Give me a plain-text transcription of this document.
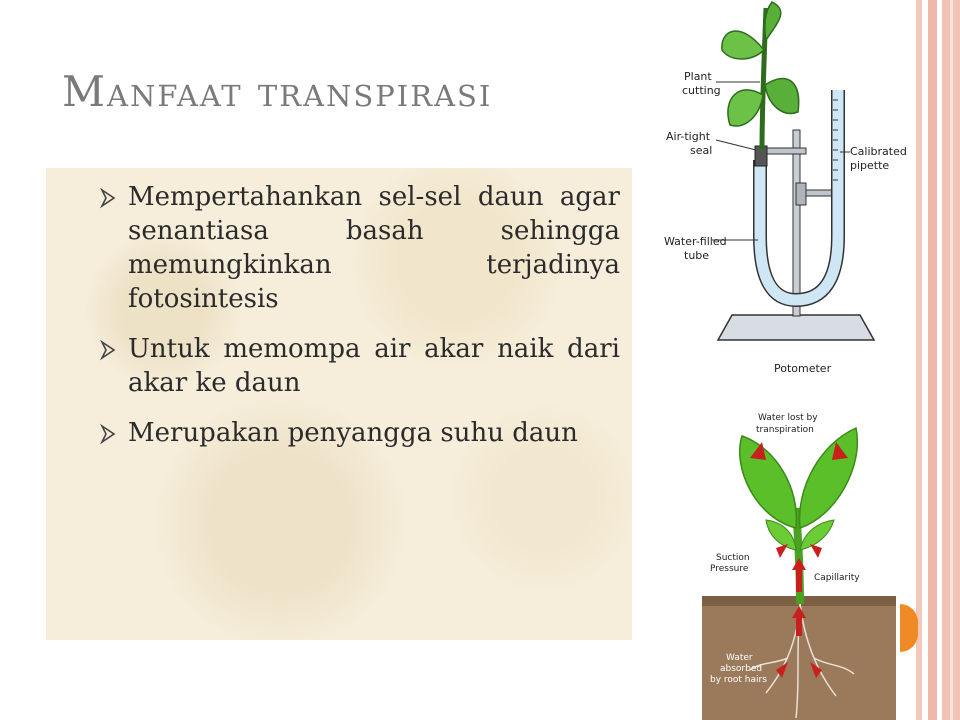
Manfaat transpirasi
Mempertahankan sel-sel daun agar senantiasa basah sehingga memungkinkan terjadinya fotosintesis
Untuk memompa air akar naik dari akar ke daun
Merupakan penyangga suhu daun
Plant
cutting
Air-tight
seal	Calibrated
pipette
Water-filled
tube
Potometer
Water lost by
transpiration
Suction
Pressure
Capillarity
Water
absorbed
by root hairs
